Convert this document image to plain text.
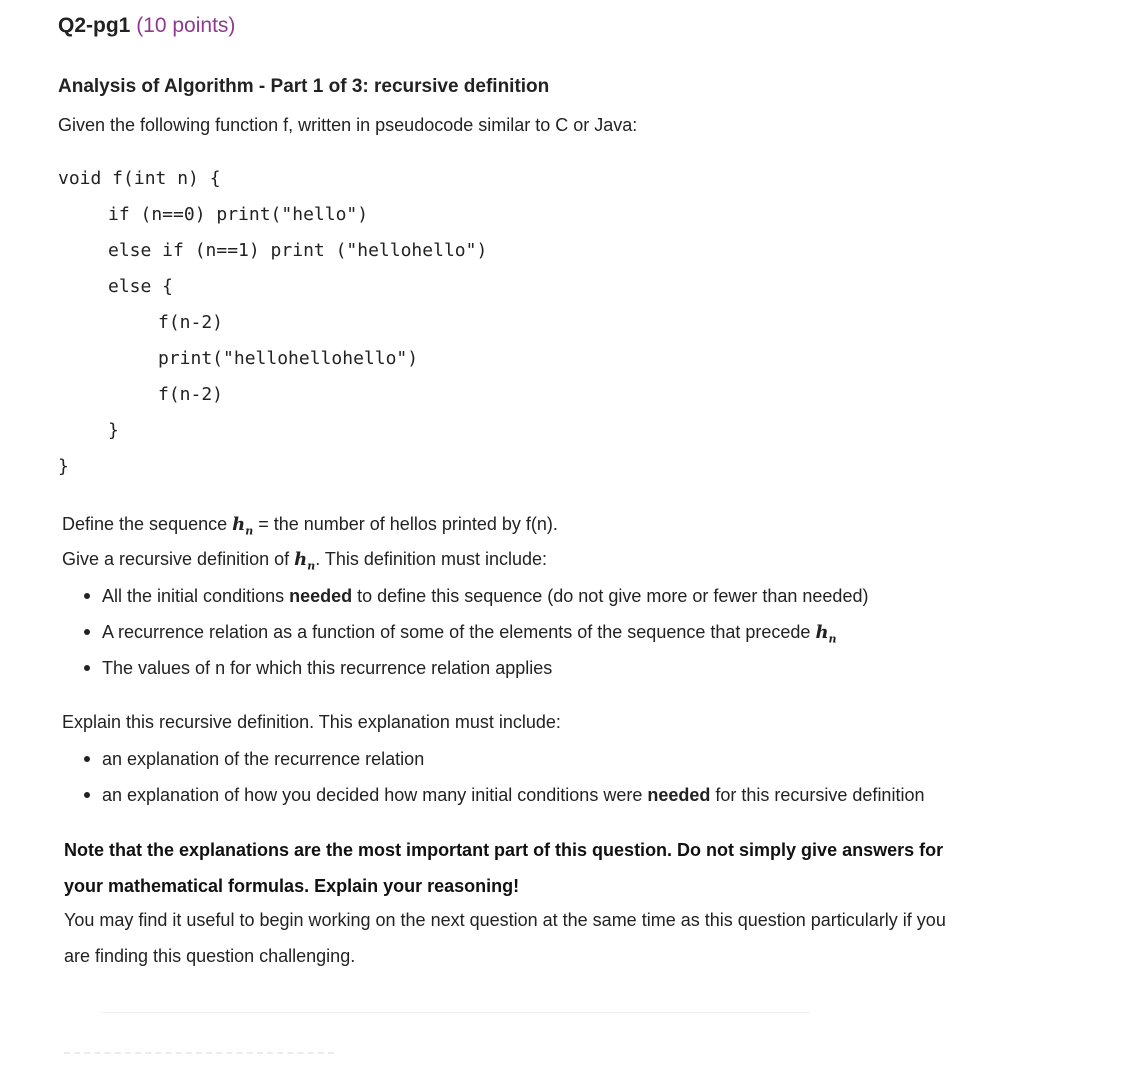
Q2-pg1 (10 points)
Analysis of Algorithm - Part 1 of 3: recursive definition
Given the following function f, written in pseudocode similar to C or Java:
void f(int n) {
if (n==0) print("hello")
else if (n==1) print ("hellohello")
else {
f(n-2)
print("hellohellohello")
f(n-2)
}
}
Define the sequence $h_n$ = the number of hellos printed by f(n).
Give a recursive definition of $h_n$. This definition must include:
All the initial conditions needed to define this sequence (do not give more or fewer than needed)
A recurrence relation as a function of some of the elements of the sequence that precede $h_n$
The values of n for which this recurrence relation applies
Explain this recursive definition. This explanation must include:
an explanation of the recurrence relation
an explanation of how you decided how many initial conditions were needed for this recursive definition
Note that the explanations are the most important part of this question. Do not simply give answers for
your mathematical formulas. Explain your reasoning!
You may find it useful to begin working on the next question at the same time as this question particularly if you
are finding this question challenging.
